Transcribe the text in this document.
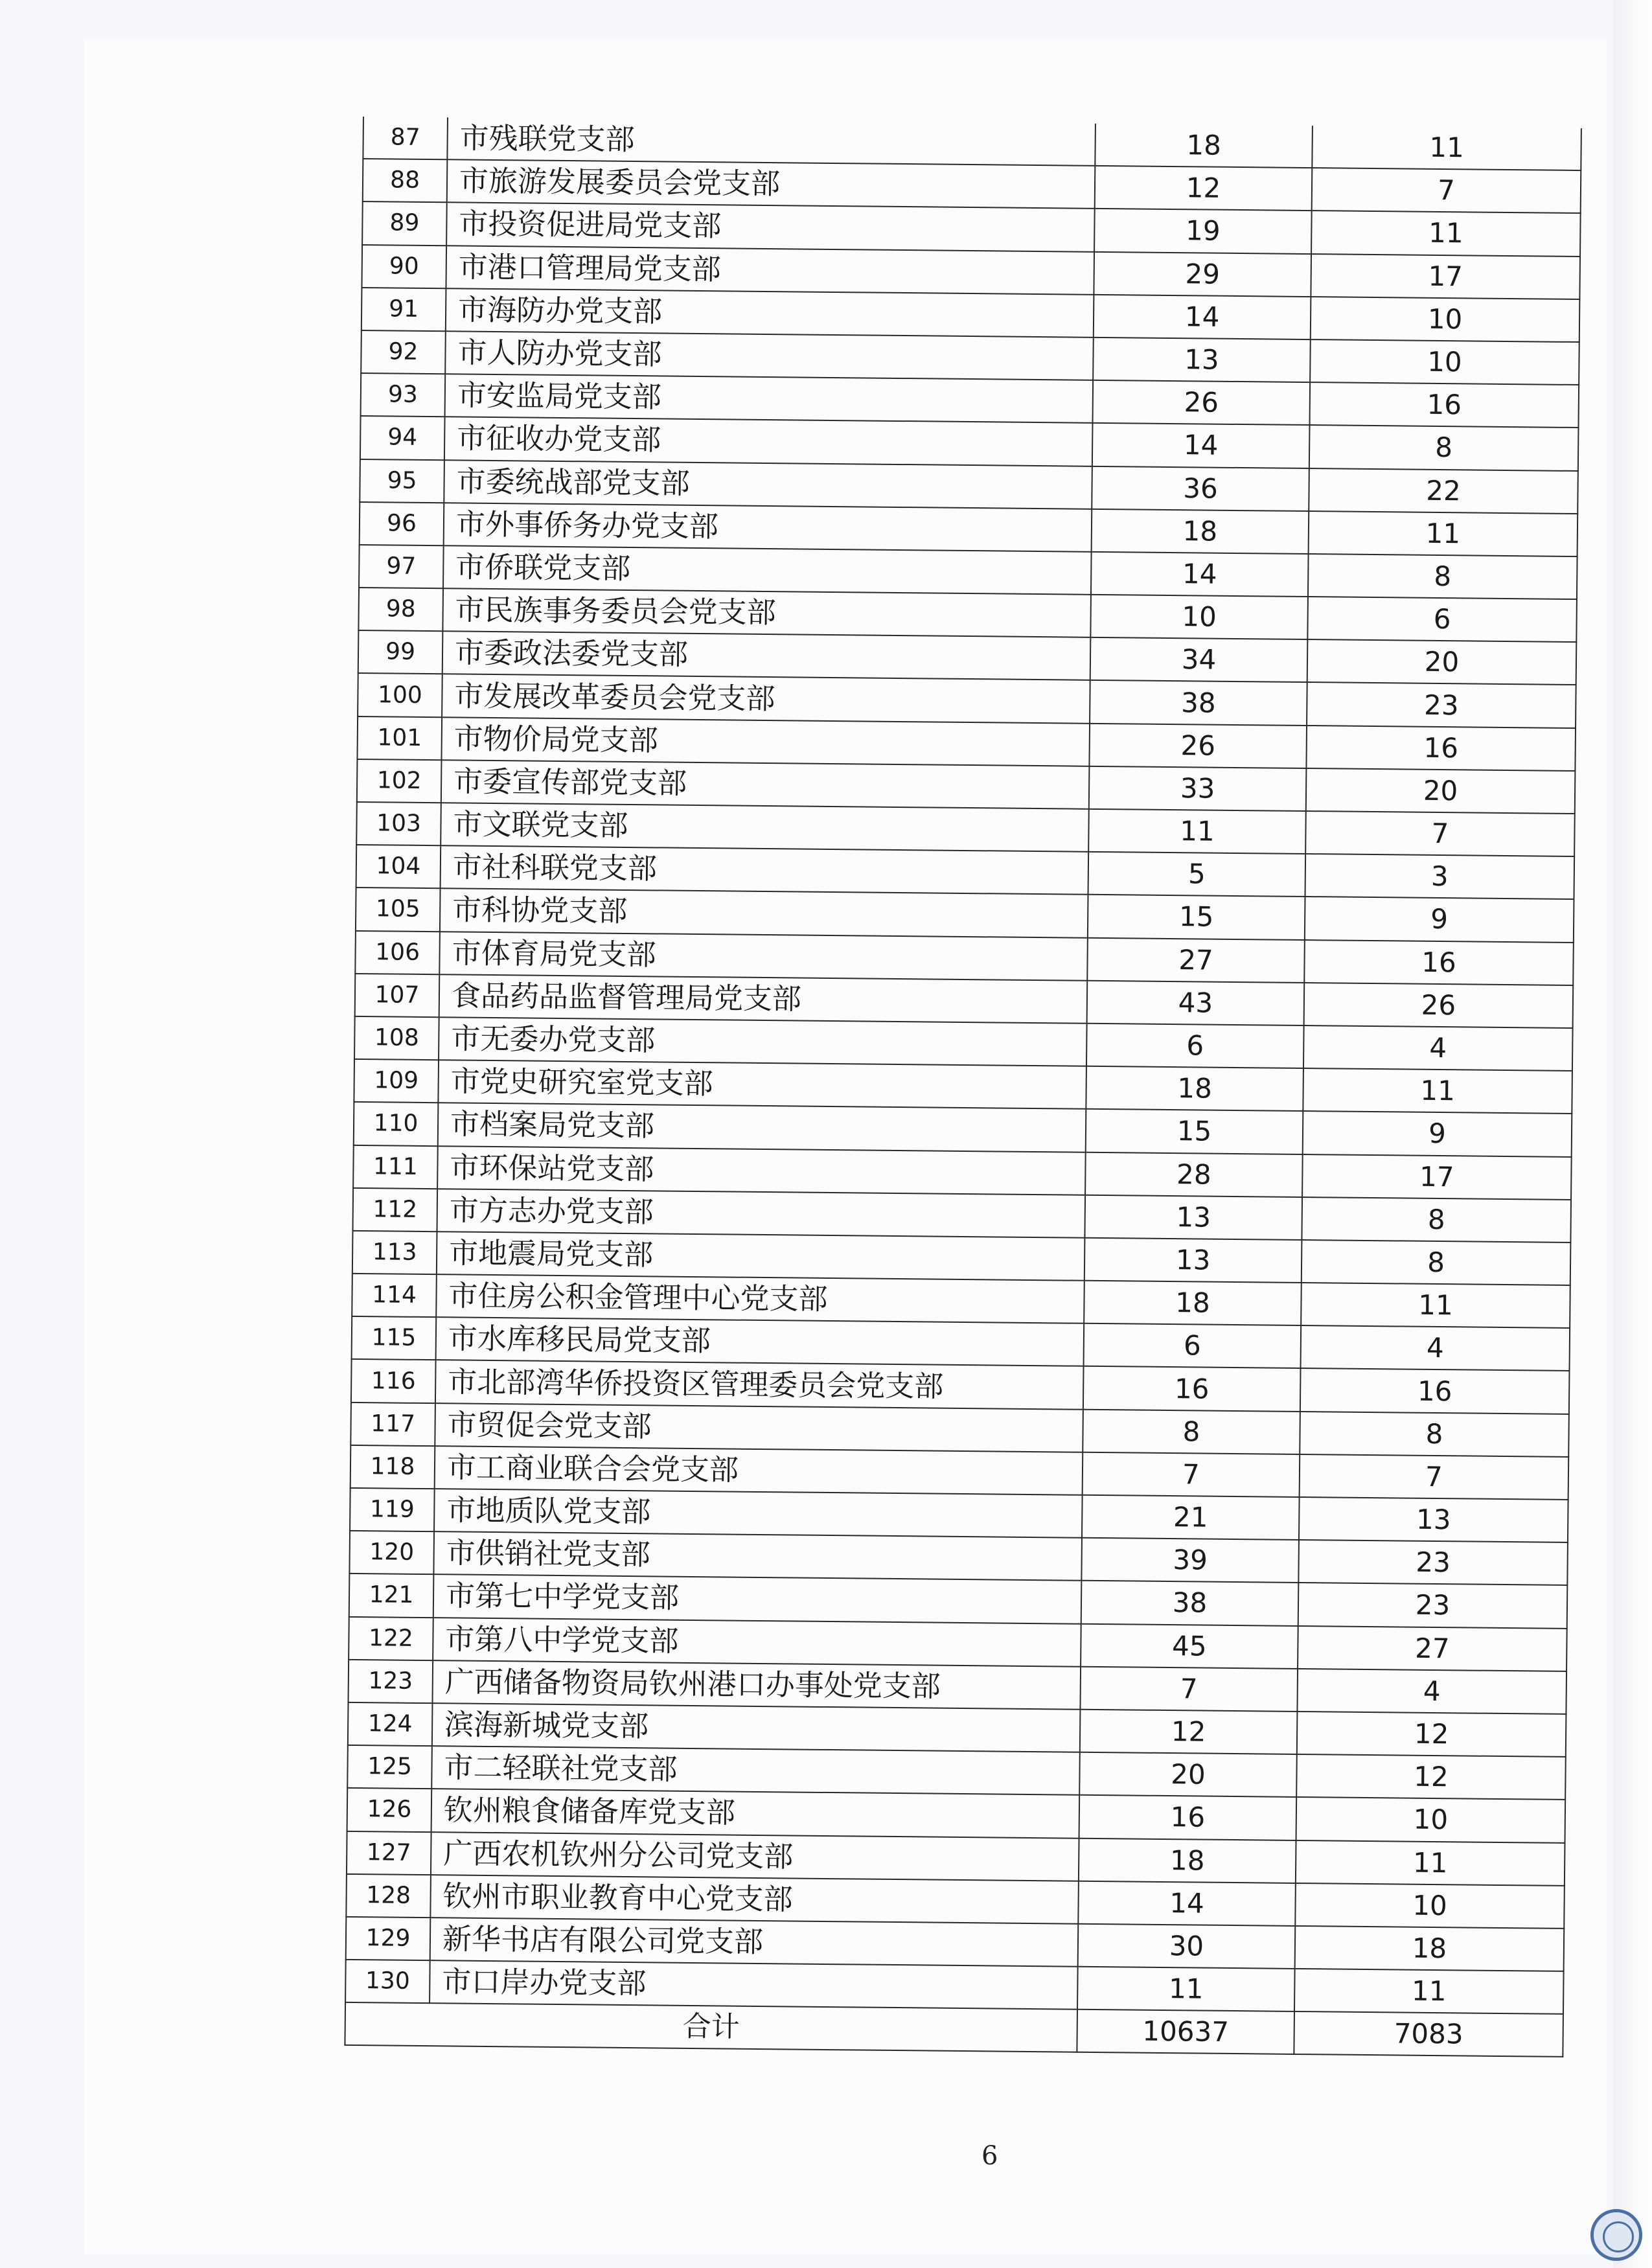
87	市残联党支部	18	11
88	市旅游发展委员会党支部	12	7
89	市投资促进局党支部	19	11
90	市港口管理局党支部	29	17
91	市海防办党支部	14	10
92	市人防办党支部	13	10
93	市安监局党支部	26	16
94	市征收办党支部	14	8
95	市委统战部党支部	36	22
96	市外事侨务办党支部	18	11
97	市侨联党支部	14	8
98	市民族事务委员会党支部	10	6
99	市委政法委党支部	34	20
100	市发展改革委员会党支部	38	23
101	市物价局党支部	26	16
102	市委宣传部党支部	33	20
103	市文联党支部	11	7
104	市社科联党支部	5	3
105	市科协党支部	15	9
106	市体育局党支部	27	16
107	食品药品监督管理局党支部	43	26
108	市无委办党支部	6	4
109	市党史研究室党支部	18	11
110	市档案局党支部	15	9
111	市环保站党支部	28	17
112	市方志办党支部	13	8
113	市地震局党支部	13	8
114	市住房公积金管理中心党支部	18	11
115	市水库移民局党支部	6	4
116	市北部湾华侨投资区管理委员会党支部	16	16
117	市贸促会党支部	8	8
118	市工商业联合会党支部	7	7
119	市地质队党支部	21	13
120	市供销社党支部	39	23
121	市第七中学党支部	38	23
122	市第八中学党支部	45	27
123	广西储备物资局钦州港口办事处党支部	7	4
124	滨海新城党支部	12	12
125	市二轻联社党支部	20	12
126	钦州粮食储备库党支部	16	10
127	广西农机钦州分公司党支部	18	11
128	钦州市职业教育中心党支部	14	10
129	新华书店有限公司党支部	30	18
130	市口岸办党支部	11	11
合计		10637	7083
6
